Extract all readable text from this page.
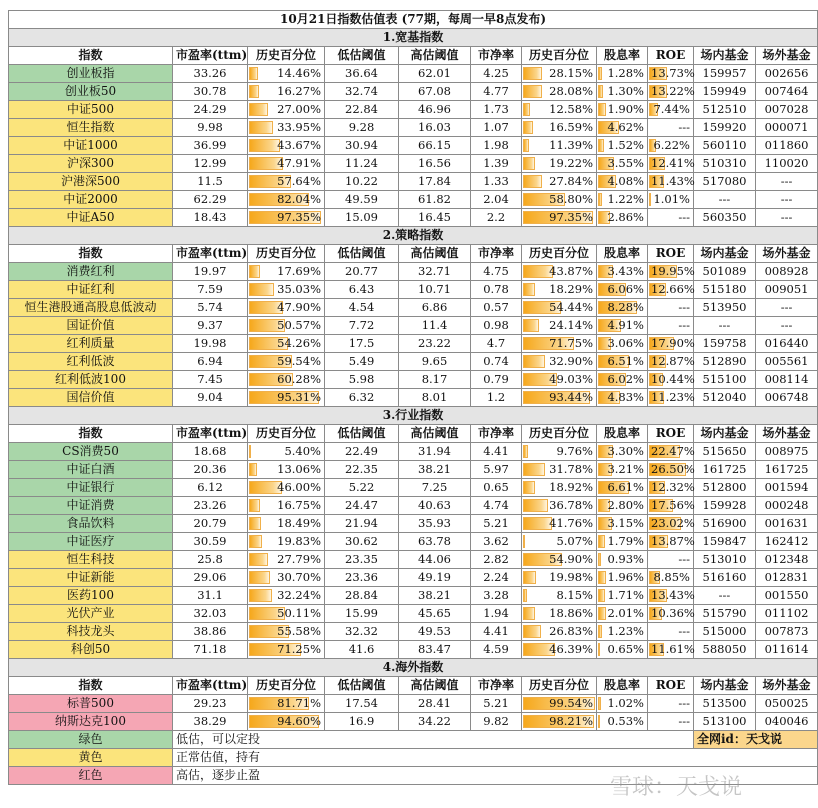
10月21日指数估值表 (77期，每周一早8点发布)										
1.宽基指数										
指数	市盈率(ttm)	历史百分位	低估阈值	高估阈值	市净率	历史百分位	股息率	ROE	场内基金	场外基金
创业板指	33.26	14.46%	36.64	62.01	4.25	28.15%	1.28%	13.73%	159957	002656
创业板50	30.78	16.27%	32.74	67.08	4.77	28.08%	1.30%	13.22%	159949	007464
中证500	24.29	27.00%	22.84	46.96	1.73	12.58%	1.90%	7.44%	512510	007028
恒生指数	9.98	33.95%	9.28	16.03	1.07	16.59%	4.62%	---	159920	000071
中证1000	36.99	43.67%	30.94	66.15	1.98	11.39%	1.52%	6.22%	560110	011860
沪深300	12.99	47.91%	11.24	16.56	1.39	19.22%	3.55%	12.41%	510310	110020
沪港深500	11.5	57.64%	10.22	17.84	1.33	27.84%	4.08%	11.43%	517080	---
中证2000	62.29	82.04%	49.59	61.82	2.04	58.80%	1.22%	1.01%	---	---
中证A50	18.43	97.35%	15.09	16.45	2.2	97.35%	2.86%	---	560350	---
2.策略指数										
指数	市盈率(ttm)	历史百分位	低估阈值	高估阈值	市净率	历史百分位	股息率	ROE	场内基金	场外基金
消费红利	19.97	17.69%	20.77	32.71	4.75	43.87%	3.43%	19.95%	501089	008928
中证红利	7.59	35.03%	6.43	10.71	0.78	18.29%	6.06%	12.66%	515180	009051
恒生港股通高股息低波动	5.74	47.90%	4.54	6.86	0.57	54.44%	8.28%	---	513950	---
国证价值	9.37	50.57%	7.72	11.4	0.98	24.14%	4.91%	---	---	---
红利质量	19.98	54.26%	17.5	23.22	4.7	71.75%	3.06%	17.90%	159758	016440
红利低波	6.94	59.54%	5.49	9.65	0.74	32.90%	6.51%	12.87%	512890	005561
红利低波100	7.45	60.28%	5.98	8.17	0.79	49.03%	6.02%	10.44%	515100	008114
国信价值	9.04	95.31%	6.32	8.01	1.2	93.44%	4.83%	11.23%	512040	006748
3.行业指数										
指数	市盈率(ttm)	历史百分位	低估阈值	高估阈值	市净率	历史百分位	股息率	ROE	场内基金	场外基金
CS消费50	18.68	5.40%	22.49	31.94	4.41	9.76%	3.30%	22.47%	515650	008975
中证白酒	20.36	13.06%	22.35	38.21	5.97	31.78%	3.21%	26.50%	161725	161725
中证银行	6.12	46.00%	5.22	7.25	0.65	18.92%	6.61%	12.32%	512800	001594
中证消费	23.26	16.75%	24.47	40.63	4.74	36.78%	2.80%	17.56%	159928	000248
食品饮料	20.79	18.49%	21.94	35.93	5.21	41.76%	3.15%	23.02%	516900	001631
中证医疗	30.59	19.83%	30.62	63.78	3.62	5.07%	1.79%	13.87%	159847	162412
恒生科技	25.8	27.79%	23.35	44.06	2.82	54.90%	0.93%	---	513010	012348
中证新能	29.06	30.70%	23.36	49.19	2.24	19.98%	1.96%	8.85%	516160	012831
医药100	31.1	32.24%	28.84	38.21	3.28	8.15%	1.71%	13.43%	---	001550
光伏产业	32.03	50.11%	15.99	45.65	1.94	18.86%	2.01%	10.36%	515790	011102
科技龙头	38.86	55.58%	32.32	49.53	4.41	26.83%	1.23%	---	515000	007873
科创50	71.18	71.25%	41.6	83.47	4.59	46.39%	0.65%	11.61%	588050	011614
4.海外指数										
指数	市盈率(ttm)	历史百分位	低估阈值	高估阈值	市净率	历史百分位	股息率	ROE	场内基金	场外基金
标普500	29.23	81.71%	17.54	28.41	5.21	99.54%	1.02%	---	513500	050025
纳斯达克100	38.29	94.60%	16.9	34.22	9.82	98.21%	0.53%	---	513100	040046
绿色	低估，可以定投								全网id：天戈说	
黄色	正常估值，持有									
红色	高估，逐步止盈										雪球：天戈说
